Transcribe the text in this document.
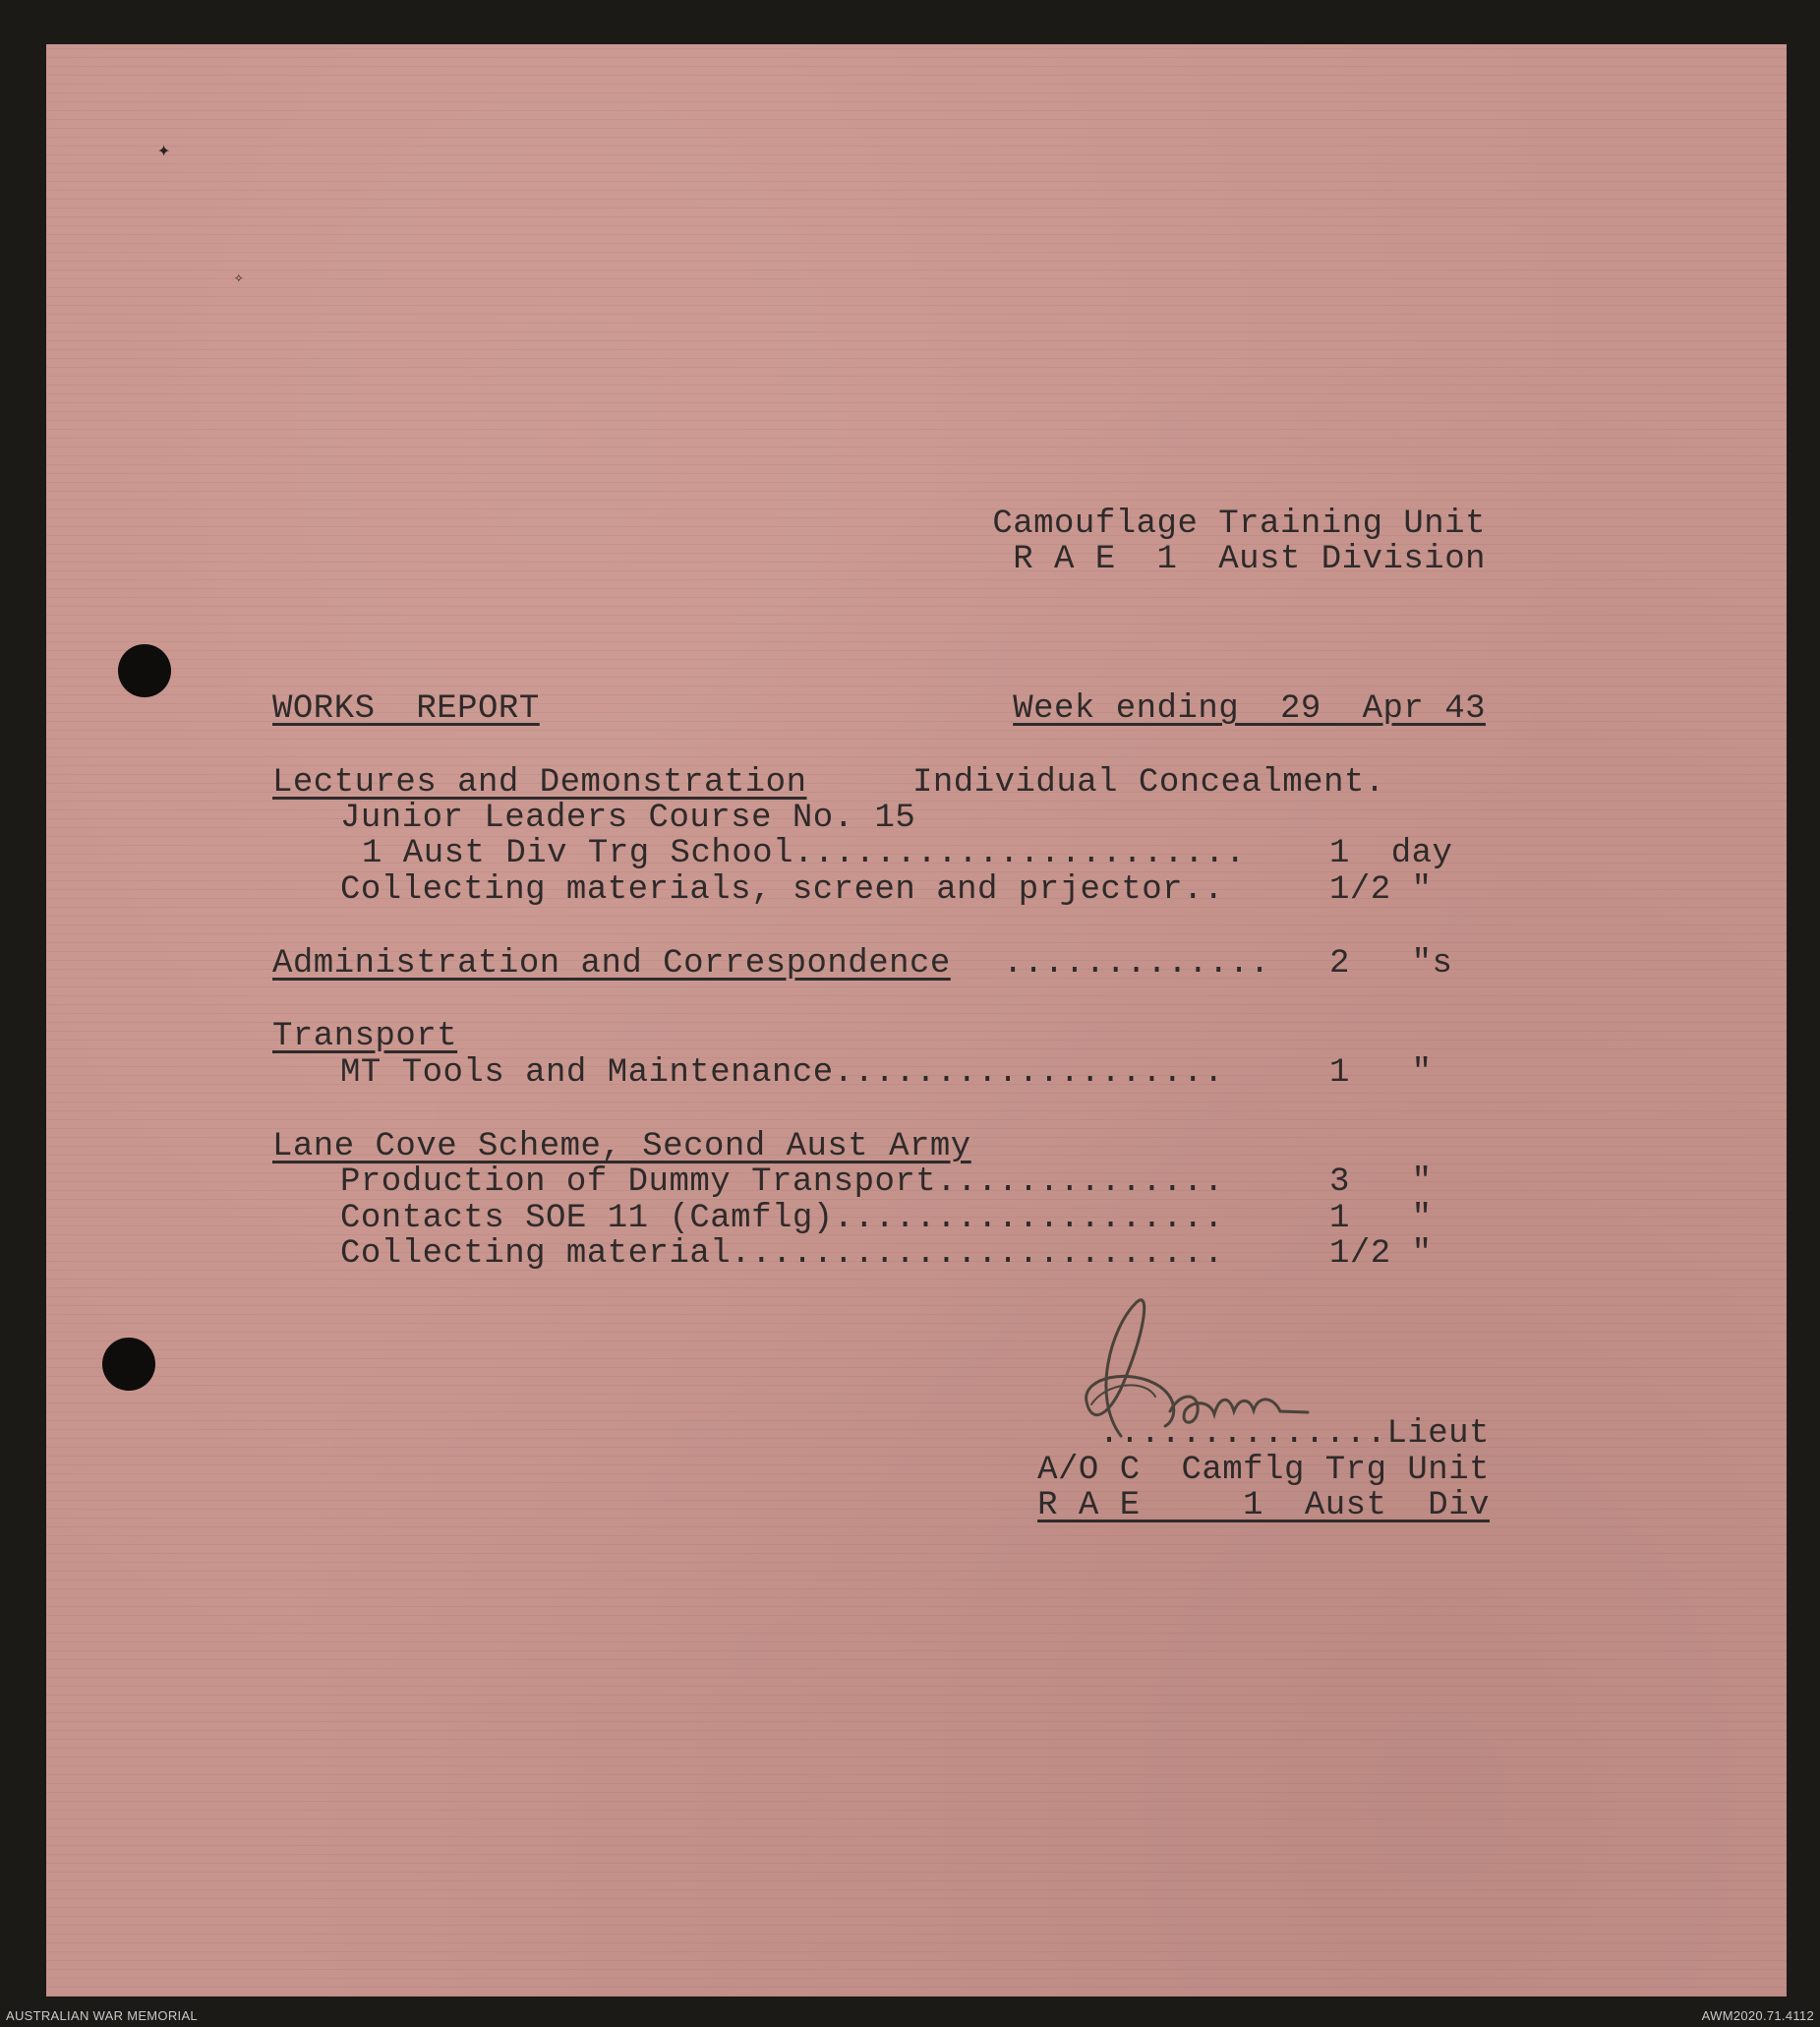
✦
✧
Camouflage Training Unit
R A E  1  Aust Division
WORKS  REPORT	Week ending  29  Apr 43
Lectures and Demonstration	Individual Concealment.
Junior Leaders Course No. 15
1 Aust Div Trg School......................	1  day
Collecting materials, screen and prjector..	1/2 "
Administration and Correspondence ............. 2   "s
Transport
MT Tools and Maintenance...................	1   "
Lane Cove Scheme, Second Aust Army
Production of Dummy Transport..............	3   "
Contacts SOE 11 (Camflg)...................	1   "
Collecting material........................	1/2 "
..............Lieut
A/O C  Camflg Trg Unit
R A E     1  Aust  Div
AUSTRALIAN WAR MEMORIAL	AWM2020.71.4112
